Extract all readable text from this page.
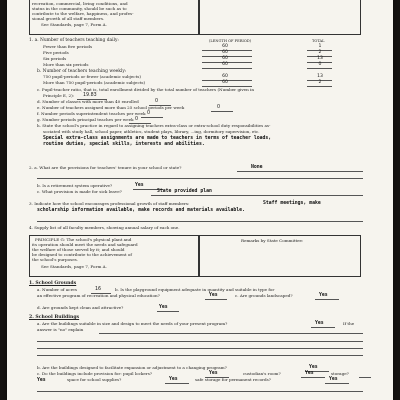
recreation, commercial, living conditions, and
status in the community, should be such as to
contribute to the welfare, happiness, and profes-
sional growth of all staff members.
See Standards, page 7, Form A.
1. a. Number of teachers teaching daily:	(LENGTH OF PERIOD)	TOTAL
Fewer than five periods	60	1
Five periods	60	2
Six periods	60	13
More than six periods	60	0
b. Number of teachers teaching weekly:
750 pupil-periods or fewer (academic subjects)	60	13
More than 750 pupil-periods (academic subjects)	60	2
c. Pupil-teacher ratio, that is, total enrollment divided by the total number of teachers (Number given in
Principle E, 2): 19.83
d. Number of classes with more than 40 enrolled	0
e. Number of teachers assigned more than 25 school periods per week	0
f. Number periods superintendent teaches per week 0
g. Number periods principal teaches per week 0
h. State the school's practice in regard to assigning teachers extra-class or extra-school duty responsibilities as-
sociated with study hall, school paper, athletics, student plays, library, ...ing, dormitory supervision, etc.
Special extra-class assignments are made to teachers in terms of teacher loads,
routine duties, special skills, interests and abilities.
2. a. What are the provisions for teachers' tenure in your school or state?	None
b. Is a retirement system operative?	Yes
c. What provision is made for sick leave?	State provided plan
3. Indicate how the school encourages professional growth of staff members:	Staff meetings, make
scholarship information available, make records and materials available.
4. Supply list of all faculty members, showing annual salary of each one.
PRINCIPLE G: The school's physical plant and
its operation should meet the needs and safeguard
the welfare of those served by it; and should
be designed to contribute to the achievement of
the school's purposes.
See Standards, page 7, Form A.
Remarks by State Committee:
1. School Grounds
a. Number of acres	16	b. Is the playground equipment adequate in quantity and suitable in type for
an effective program of recreation and physical education?	Yes	c. Are grounds landscaped?	Yes
d. Are grounds kept clean and attractive?	Yes
2. School Buildings
a. Are the buildings suitable in size and design to meet the needs of your present program?	Yes	If the
answer is "no" explain
b. Are the buildings designed to facilitate expansion or adjustment to a changing program?	Yes
c. Do the buildings include provision for: pupil lockers?	Yes	custodian's room?	Yes	storage?
Yes	space for school supplies?	Yes	safe storage for permanent records?	Yes
